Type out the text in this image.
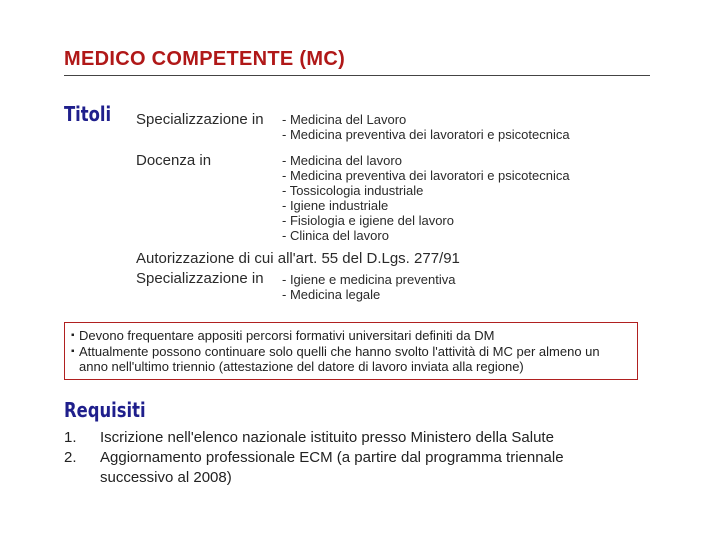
MEDICO COMPETENTE (MC)
Titoli Specializzazione in - Medicina del Lavoro
- Medicina preventiva dei lavoratori e psicotecnica
Docenza in	- Medicina del lavoro
- Medicina preventiva dei lavoratori e psicotecnica
- Tossicologia industriale
- Igiene industriale
- Fisiologia e igiene del lavoro
- Clinica del lavoro
Autorizzazione di cui all'art. 55 del D.Lgs. 277/91
Specializzazione in - Igiene e medicina preventiva
- Medicina legale
▪ Devono frequentare appositi percorsi formativi universitari definiti da DM
▪ Attualmente possono continuare solo quelli che hanno svolto l'attività di MC per almeno un anno nell'ultimo triennio (attestazione del datore di lavoro inviata alla regione)
Requisiti
1. Iscrizione nell'elenco nazionale istituito presso Ministero della Salute
2. Aggiornamento professionale ECM (a partire dal programma triennale successivo al 2008)
